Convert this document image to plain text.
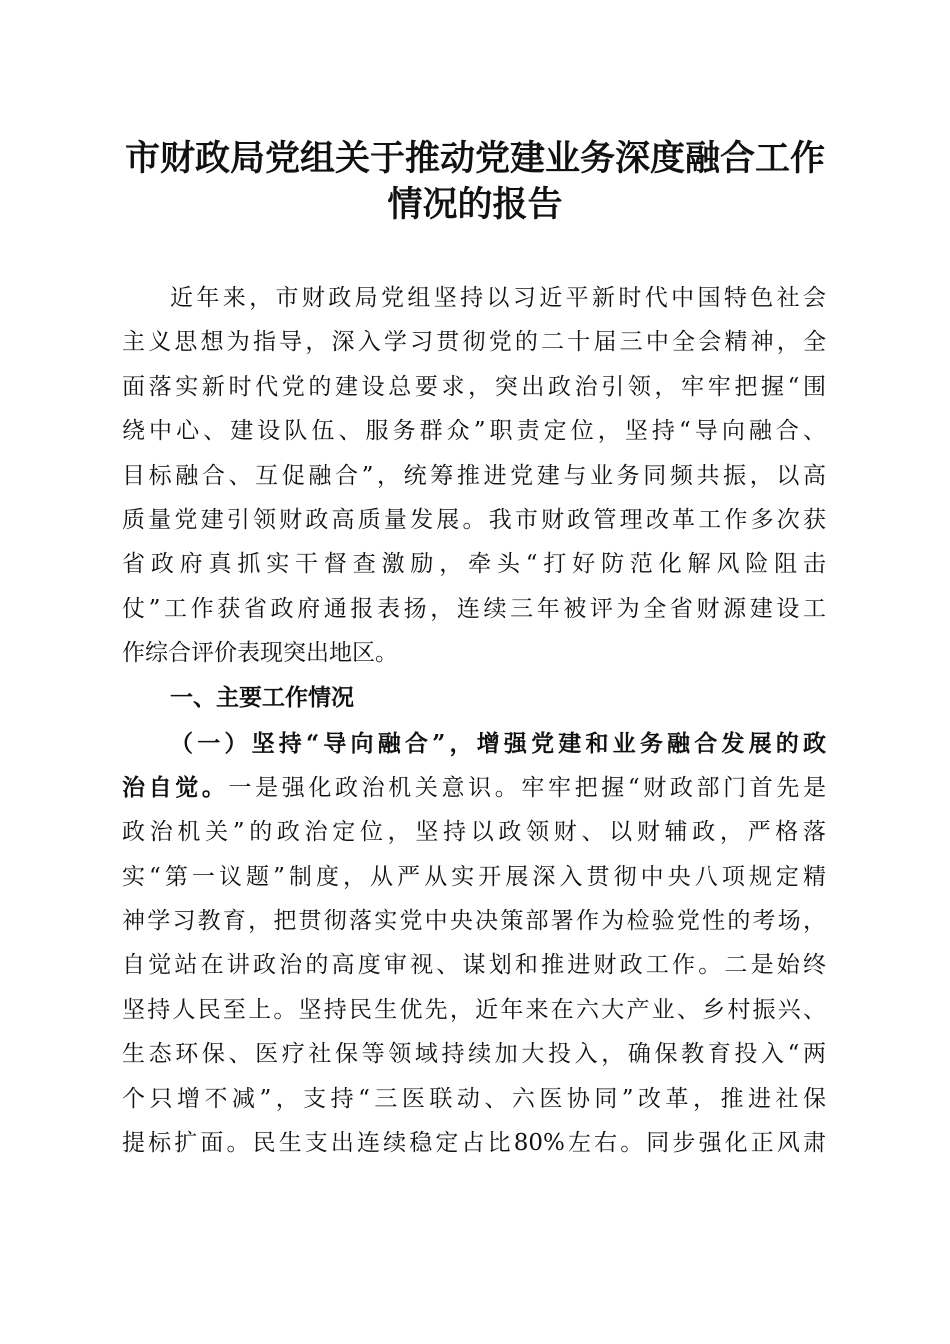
市财政局党组关于推动党建业务深度融合工作
情况的报告
近年来，市财政局党组坚持以习近平新时代中国特色社会
主义思想为指导，深入学习贯彻党的二十届三中全会精神，全
面落实新时代党的建设总要求，突出政治引领，牢牢把握“围
绕中心、建设队伍、服务群众”职责定位，坚持“导向融合、
目标融合、互促融合”，统筹推进党建与业务同频共振，以高
质量党建引领财政高质量发展。我市财政管理改革工作多次获
省政府真抓实干督查激励，牵头“打好防范化解风险阻击
仗”工作获省政府通报表扬，连续三年被评为全省财源建设工
作综合评价表现突出地区。
一、主要工作情况
（一）坚持“导向融合”，增强党建和业务融合发展的政
治自觉。一是强化政治机关意识。牢牢把握“财政部门首先是
政治机关”的政治定位，坚持以政领财、以财辅政，严格落
实“第一议题”制度，从严从实开展深入贯彻中央八项规定精
神学习教育，把贯彻落实党中央决策部署作为检验党性的考场，
自觉站在讲政治的高度审视、谋划和推进财政工作。二是始终
坚持人民至上。坚持民生优先，近年来在六大产业、乡村振兴、
生态环保、医疗社保等领域持续加大投入，确保教育投入“两
个只增不减”，支持“三医联动、六医协同”改革，推进社保
提标扩面。民生支出连续稳定占比80%左右。同步强化正风肃
